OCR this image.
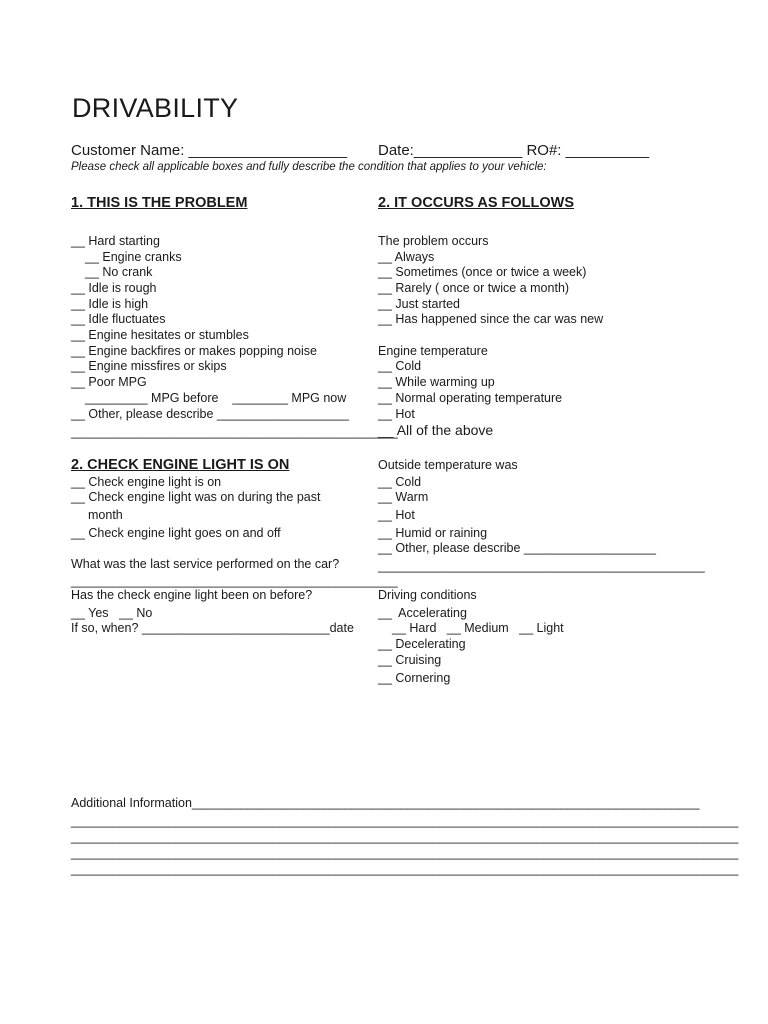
DRIVABILITY
Customer Name: ___________________ Date:_____________ RO#: __________
Please check all applicable boxes and fully describe the condition that applies to your vehicle:
1. THIS IS THE PROBLEM
__ Hard starting
__ Engine cranks
__ No crank
__ Idle is rough
__ Idle is high
__ Idle fluctuates
__ Engine hesitates or stumbles
__ Engine backfires or makes popping noise
__ Engine missfires or skips
__ Poor MPG
_________ MPG before    ________ MPG now
__ Other, please describe ___________________
_______________________________________________
2. IT OCCURS AS FOLLOWS
The problem occurs
__ Always
__ Sometimes (once or twice a week)
__ Rarely ( once or twice a month)
__ Just started
__ Has happened since the car was new
Engine temperature
__ Cold
__ While warming up
__ Normal operating temperature
__ Hot
__ All of the above
2. CHECK ENGINE LIGHT IS ON
__ Check engine light is on
__ Check engine light was on during the past
month
__ Check engine light goes on and off
What was the last service performed on the car?
_______________________________________________
Has the check engine light been on before?
__ Yes   __ No
If so, when? ___________________________date
Outside temperature was
__ Cold
__ Warm
__ Hot
__ Humid or raining
__ Other, please describe ___________________
_______________________________________________
Driving conditions
__  Accelerating
__ Hard   __ Medium   __ Light
__ Decelerating
__ Cruising
__ Cornering
Additional Information_________________________________________________________________________
________________________________________________________________________________________________
________________________________________________________________________________________________
________________________________________________________________________________________________
________________________________________________________________________________________________
